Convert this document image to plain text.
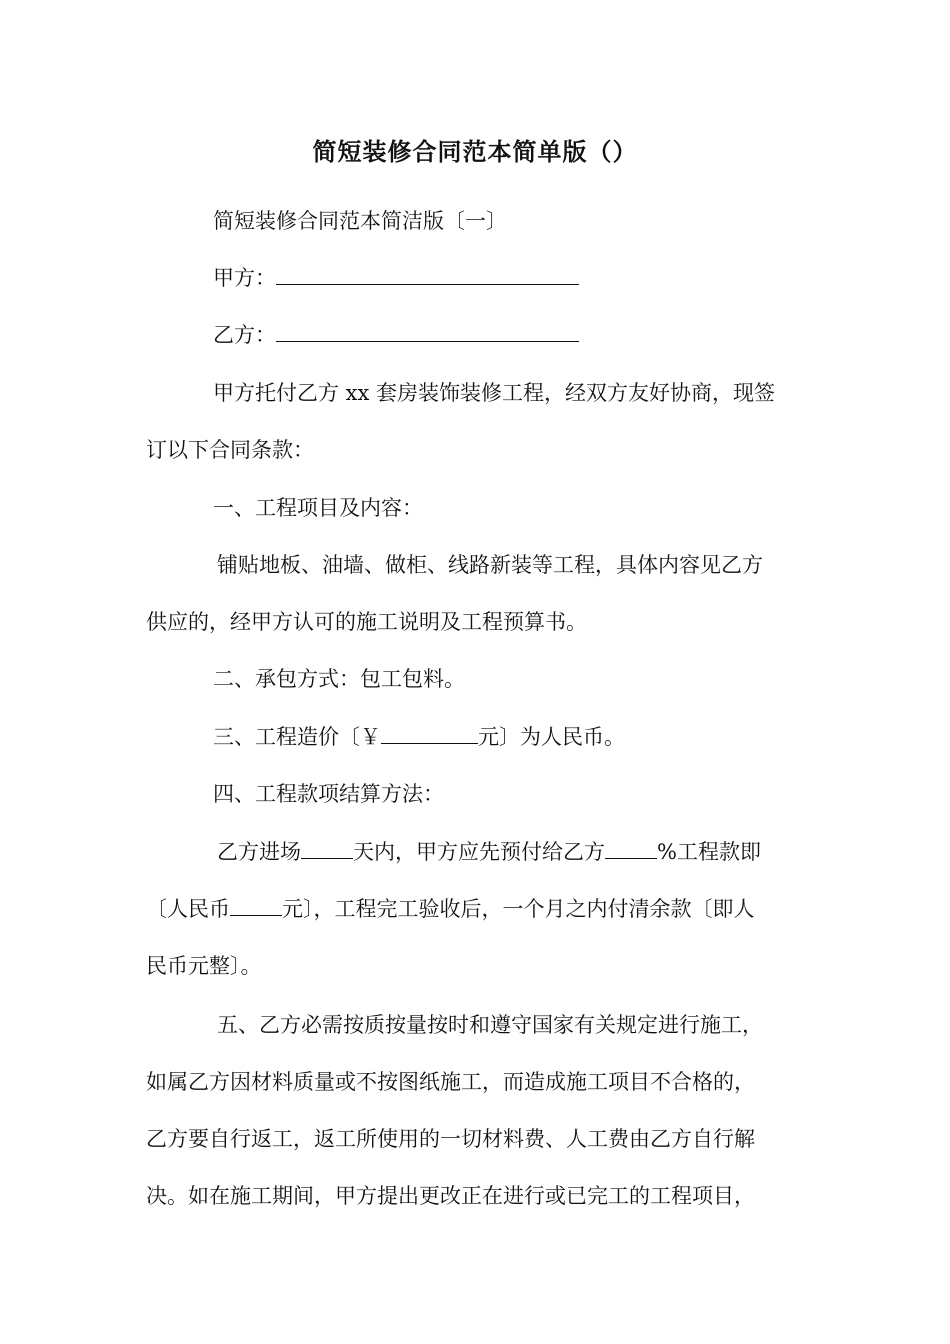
简短装修合同范本简单版（）

简短装修合同范本简洁版〔一〕

甲方：

乙方：

甲方托付乙方 xx 套房装饰装修工程，经双方友好协商，现签

订以下合同条款：

一、工程项目及内容：

铺贴地板、油墙、做柜、线路新装等工程，具体内容见乙方

供应的，经甲方认可的施工说明及工程预算书。

二、承包方式：包工包料。

三、工程造价〔￥	元〕为人民币。

四、工程款项结算方法：

乙方进场 天内，甲方应先预付给乙方 %工程款即

〔人民币 元〕，工程完工验收后，一个月之内付清余款〔即人

民币元整〕。

五、乙方必需按质按量按时和遵守国家有关规定进行施工，

如属乙方因材料质量或不按图纸施工，而造成施工项目不合格的，

乙方要自行返工，返工所使用的一切材料费、人工费由乙方自行解

决。如在施工期间，甲方提出更改正在进行或已完工的工程项目，
